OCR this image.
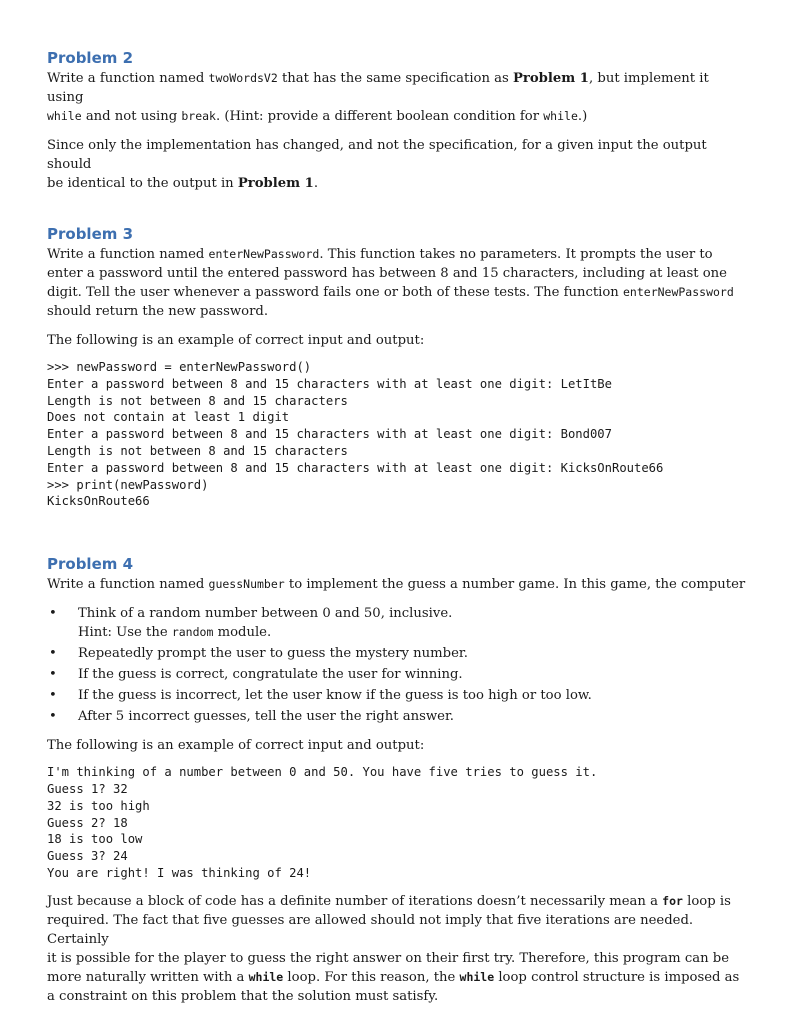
Problem 2

Write a function named twoWordsV2 that has the same specification as Problem 1, but implement it using
while and not using break. (Hint: provide a different boolean condition for while.)

Since only the implementation has changed, and not the specification, for a given input the output should
be identical to the output in Problem 1.

Problem 3

Write a function named enterNewPassword. This function takes no parameters. It prompts the user to
enter a password until the entered password has between 8 and 15 characters, including at least one
digit. Tell the user whenever a password fails one or both of these tests. The function enterNewPassword
should return the new password.

The following is an example of correct input and output:

>>> newPassword = enterNewPassword()
Enter a password between 8 and 15 characters with at least one digit: LetItBe
Length is not between 8 and 15 characters
Does not contain at least 1 digit
Enter a password between 8 and 15 characters with at least one digit: Bond007
Length is not between 8 and 15 characters
Enter a password between 8 and 15 characters with at least one digit: KicksOnRoute66
>>> print(newPassword)
KicksOnRoute66
Problem 4

Write a function named guessNumber to implement the guess a number game. In this game, the computer

• Think of a random number between 0 and 50, inclusive.
Hint: Use the random module.
• Repeatedly prompt the user to guess the mystery number.
• If the guess is correct, congratulate the user for winning.
• If the guess is incorrect, let the user know if the guess is too high or too low.
• After 5 incorrect guesses, tell the user the right answer.

The following is an example of correct input and output:

I'm thinking of a number between 0 and 50. You have five tries to guess it.
Guess 1? 32
32 is too high
Guess 2? 18
18 is too low
Guess 3? 24
You are right! I was thinking of 24!

Just because a block of code has a definite number of iterations doesn’t necessarily mean a for loop is
required. The fact that five guesses are allowed should not imply that five iterations are needed. Certainly
it is possible for the player to guess the right answer on their first try. Therefore, this program can be
more naturally written with a while loop. For this reason, the while loop control structure is imposed as
a constraint on this problem that the solution must satisfy.
